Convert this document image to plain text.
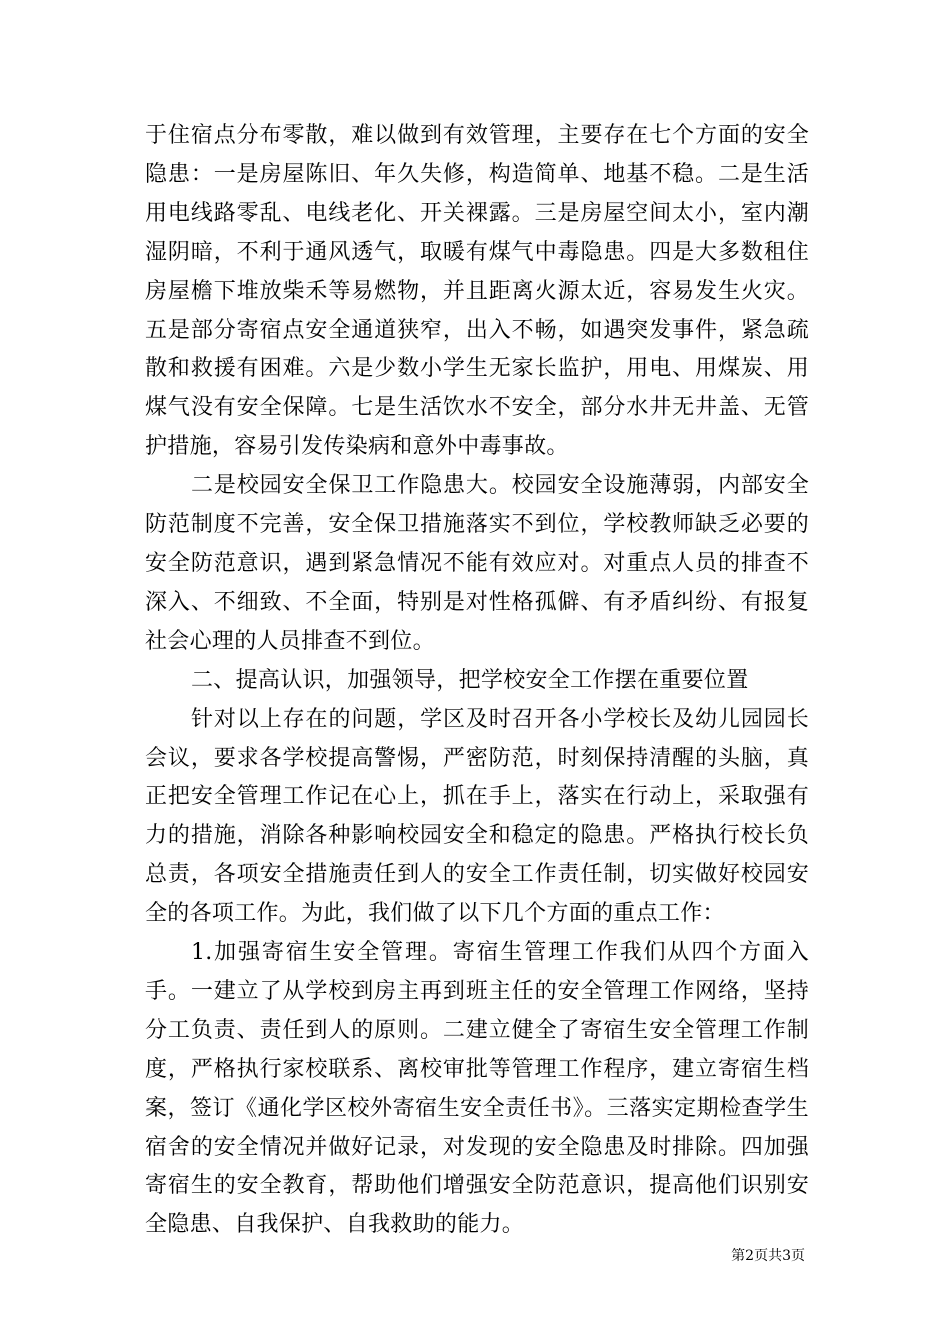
于住宿点分布零散，难以做到有效管理，主要存在七个方面的安全隐患：一是房屋陈旧、年久失修，构造简单、地基不稳。二是生活用电线路零乱、电线老化、开关裸露。三是房屋空间太小，室内潮湿阴暗，不利于通风透气，取暖有煤气中毒隐患。四是大多数租住房屋檐下堆放柴禾等易燃物，并且距离火源太近，容易发生火灾。五是部分寄宿点安全通道狭窄，出入不畅，如遇突发事件，紧急疏散和救援有困难。六是少数小学生无家长监护，用电、用煤炭、用煤气没有安全保障。七是生活饮水不安全，部分水井无井盖、无管护措施，容易引发传染病和意外中毒事故。

二是校园安全保卫工作隐患大。校园安全设施薄弱，内部安全防范制度不完善，安全保卫措施落实不到位，学校教师缺乏必要的安全防范意识，遇到紧急情况不能有效应对。对重点人员的排查不深入、不细致、不全面，特别是对性格孤僻、有矛盾纠纷、有报复社会心理的人员排查不到位。

二、提高认识，加强领导，把学校安全工作摆在重要位置

针对以上存在的问题，学区及时召开各小学校长及幼儿园园长会议，要求各学校提高警惕，严密防范，时刻保持清醒的头脑，真正把安全管理工作记在心上，抓在手上，落实在行动上，采取强有力的措施，消除各种影响校园安全和稳定的隐患。严格执行校长负总责，各项安全措施责任到人的安全工作责任制，切实做好校园安全的各项工作。为此，我们做了以下几个方面的重点工作：

1.加强寄宿生安全管理。寄宿生管理工作我们从四个方面入手。一建立了从学校到房主再到班主任的安全管理工作网络，坚持分工负责、责任到人的原则。二建立健全了寄宿生安全管理工作制度，严格执行家校联系、离校审批等管理工作程序，建立寄宿生档案，签订《通化学区校外寄宿生安全责任书》。三落实定期检查学生宿舍的安全情况并做好记录，对发现的安全隐患及时排除。四加强寄宿生的安全教育，帮助他们增强安全防范意识，提高他们识别安全隐患、自我保护、自我救助的能力。

第2页共3页
